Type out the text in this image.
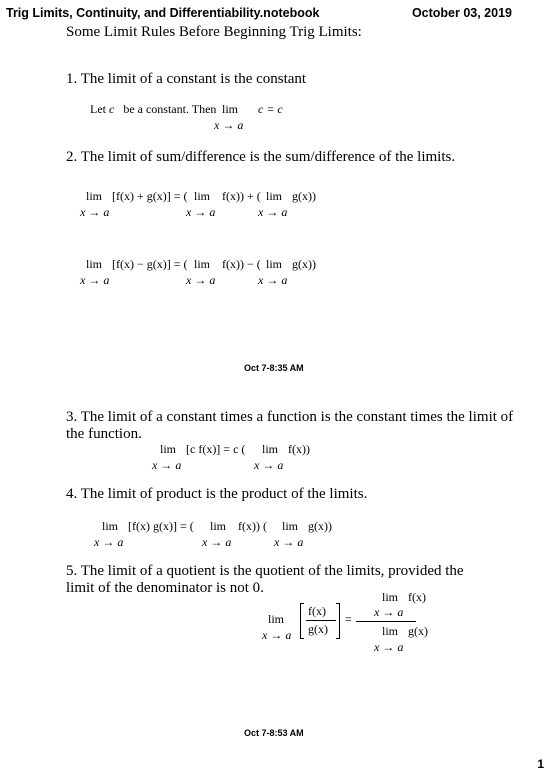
Trig Limits, Continuity, and Differentiability.notebook	October 03, 2019
Some Limit Rules Before Beginning Trig Limits:
1. The limit of a constant is the constant
Let c be a constant. Then lim c = c
x → a
2. The limit of sum/difference is the sum/difference of the limits.
lim [f(x) + g(x)] = ( lim f(x)) + ( lim g(x))
x → a	x → a	x → a
lim [f(x) − g(x)] = ( lim f(x)) − ( lim g(x))
x → a	x → a	x → a
Oct 7-8:35 AM
3. The limit of a constant times a function is the constant times the limit of
the function.
lim [c f(x)] = c ( lim f(x))
x → a	x → a
4. The limit of product is the product of the limits.
lim [f(x) g(x)] = ( lim f(x)) ( lim g(x))
x → a	x → a	x → a
5. The limit of a quotient is the quotient of the limits, provided the
limit of the denominator is not 0.
lim f(x)
f(x)
g(x)
x → a
lim	=
lim g(x)
x → a
x → a
Oct 7-8:53 AM
1
